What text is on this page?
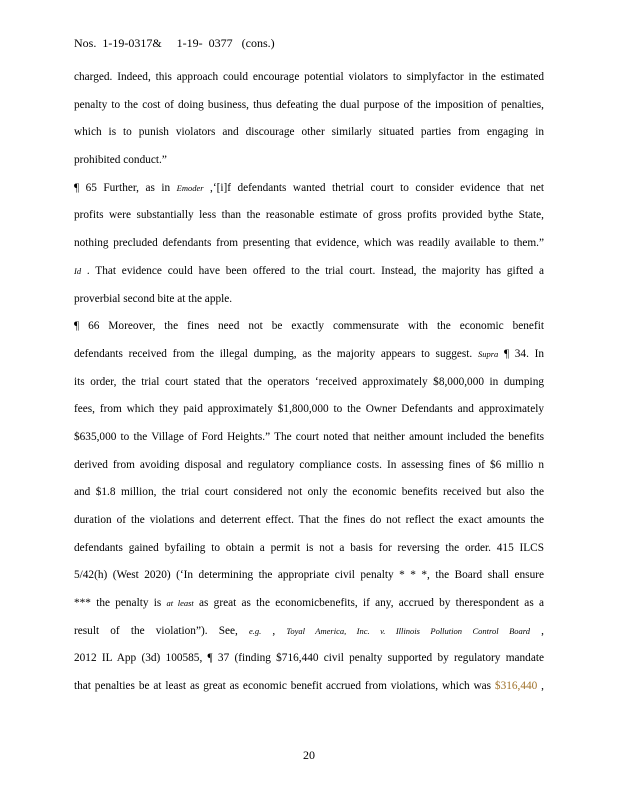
Nos.  1-19-0317&     1-19-  0377   (cons.)
charged. Indeed, this approach could encourage potential violators to simplyfactor in the estimated
penalty to the cost of doing business, thus defeating the dual purpose of the imposition of penalties,
which is to punish violators and discourage other similarly situated parties from engaging in
prohibited conduct.”
¶ 65 Further, as in Emoder ,‘[i]f defendants wanted thetrial court to consider evidence that net
profits were substantially less than the reasonable estimate of gross profits provided bythe State,
nothing precluded defendants from presenting that evidence, which was readily available to them.”
Id . That evidence could have been offered to the trial court. Instead, the majority has gifted a
proverbial second bite at the apple.
¶ 66 Moreover, the fines need not be exactly commensurate with the economic benefit
defendants received from the illegal dumping, as the majority appears to suggest. Supra ¶ 34. In
its order, the trial court stated that the operators ‘received approximately $8,000,000 in dumping
fees, from which they paid approximately $1,800,000 to the Owner Defendants and approximately
$635,000 to the Village of Ford Heights.” The court noted that neither amount included the benefits
derived from avoiding disposal and regulatory compliance costs. In assessing fines of $6 millio n
and $1.8 million, the trial court considered not only the economic benefits received but also the
duration of the violations and deterrent effect. That the fines do not reflect the exact amounts the
defendants gained byfailing to obtain a permit is not a basis for reversing the order. 415 ILCS
5/42(h) (West 2020) (‘In determining the appropriate civil penalty * * *, the Board shall ensure
*** the penalty is at least as great as the economicbenefits, if any, accrued by therespondent as a
result of the violation”). See, e.g. , Toyal America, Inc. v. Illinois Pollution Control Board ,
2012 IL App (3d) 100585, ¶ 37 (finding $716,440 civil penalty supported by regulatory mandate
that penalties be at least as great as economic benefit accrued from violations, which was $316,440 ,
20
